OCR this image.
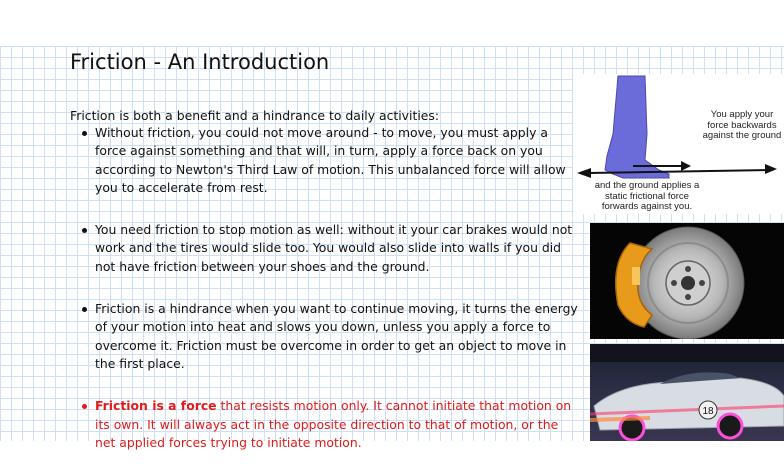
Friction - An Introduction
Friction is both a benefit and a hindrance to daily activities:
Without friction, you could not move around - to move, you must apply a force against something and that will, in turn, apply a force back on you according to Newton's Third Law of motion. This unbalanced force will allow you to accelerate from rest.
You need friction to stop motion as well: without it your car brakes would not work and the tires would slide too. You would also slide into walls if you did not have friction between your shoes and the ground.
Friction is a hindrance when you want to continue moving, it turns the energy of your motion into heat and slows you down, unless you apply a force to overcome it. Friction must be overcome in order to get an object to move in the first place.
Friction is a force that resists motion only. It cannot initiate that motion on its own. It will always act in the opposite direction to that of motion, or the net applied forces trying to initiate motion.
You apply your force backwards against the ground
and the ground applies a static frictional force forwards against you.
18
